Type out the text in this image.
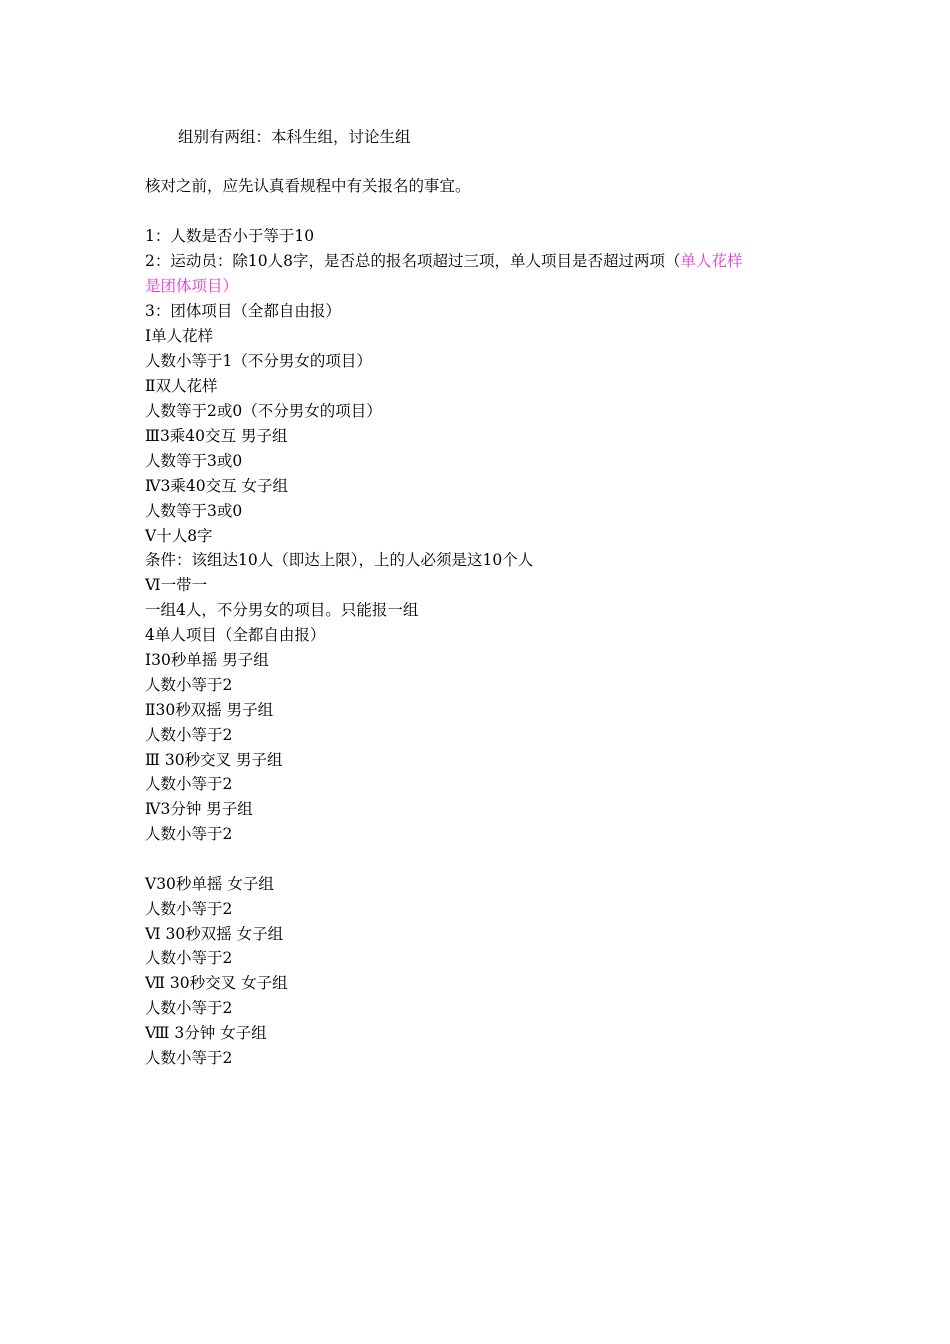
组别有两组：本科生组，讨论生组
核对之前，应先认真看规程中有关报名的事宜。
1：人数是否小于等于10
2：运动员：除10人8字，是否总的报名项超过三项，单人项目是否超过两项（单人花样
是团体项目）
3：团体项目（全都自由报）
Ⅰ单人花样
人数小等于1（不分男女的项目）
Ⅱ双人花样
人数等于2或0（不分男女的项目）
Ⅲ3乘40交互 男子组
人数等于3或0
Ⅳ3乘40交互 女子组
人数等于3或0
Ⅴ十人8字
条件：该组达10人（即达上限），上的人必须是这10个人
Ⅵ一带一
一组4人，不分男女的项目。只能报一组
4单人项目（全都自由报）
Ⅰ30秒单摇 男子组
人数小等于2
Ⅱ30秒双摇 男子组
人数小等于2
Ⅲ 30秒交叉 男子组
人数小等于2
Ⅳ3分钟 男子组
人数小等于2
Ⅴ30秒单摇 女子组
人数小等于2
Ⅵ 30秒双摇 女子组
人数小等于2
Ⅶ 30秒交叉 女子组
人数小等于2
Ⅷ 3分钟 女子组
人数小等于2
